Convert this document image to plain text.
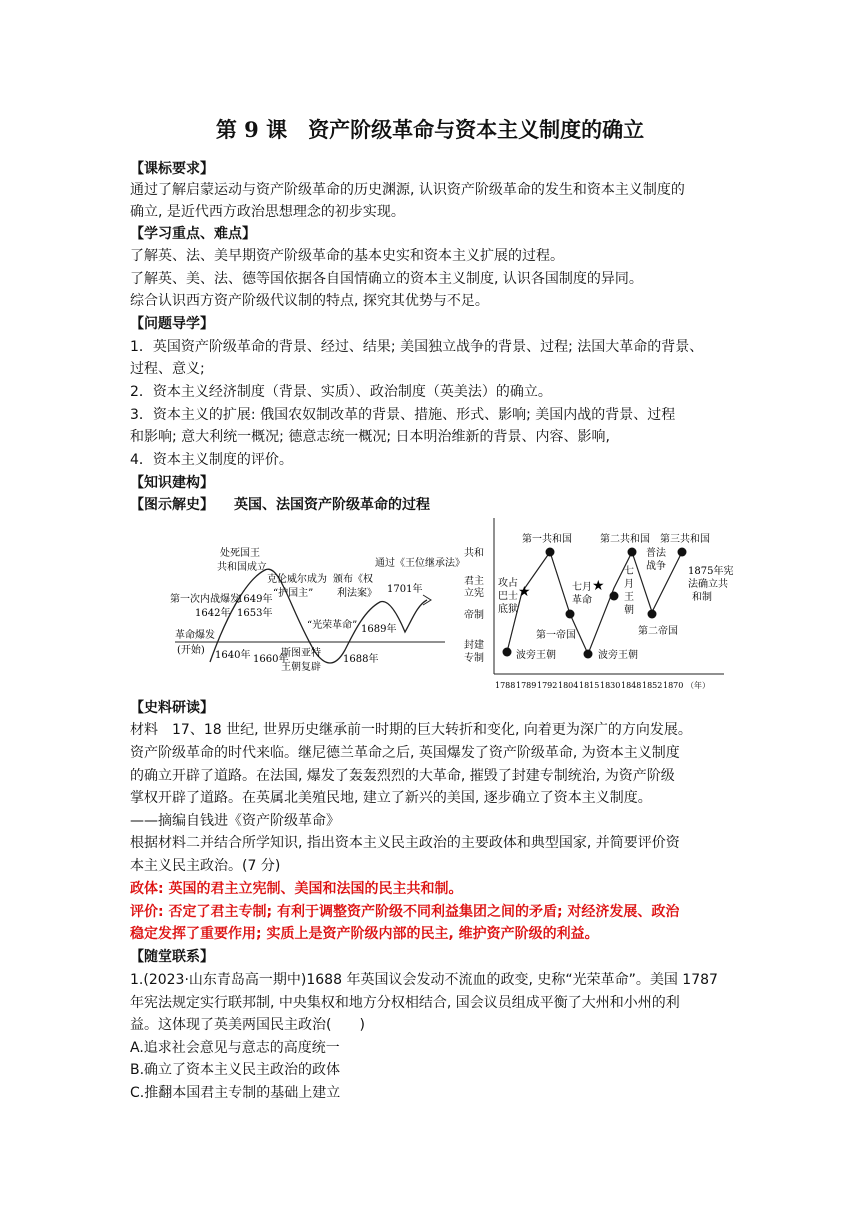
第 9 课　资产阶级革命与资本主义制度的确立
【课标要求】
通过了解启蒙运动与资产阶级革命的历史渊源, 认识资产阶级革命的发生和资本主义制度的
确立, 是近代西方政治思想理念的初步实现。
【学习重点、难点】
了解英、法、美早期资产阶级革命的基本史实和资本主义扩展的过程。
了解英、美、法、德等国依据各自国情确立的资本主义制度, 认识各国制度的异同。
综合认识西方资产阶级代议制的特点, 探究其优势与不足。
【问题导学】
1．英国资产阶级革命的背景、经过、结果; 美国独立战争的背景、过程; 法国大革命的背景、
过程、意义;
2．资本主义经济制度（背景、实质）、政治制度（英美法）的确立。
3．资本主义的扩展: 俄国农奴制改革的背景、措施、形式、影响; 美国内战的背景、过程
和影响; 意大利统一概况; 德意志统一概况; 日本明治维新的背景、内容、影响,
4．资本主义制度的评价。
【知识建构】
【图示解史】 英国、法国资产阶级革命的过程
处死国王
共和国成立
克伦威尔成为
“护国主”
颁布《权
利法案》
通过《王位继承法》
第一次内战爆发
1642年
1649年
1653年
1701年
革命爆发
(开始)
“光荣革命” 1689年
1640年 1660年
斯图亚特
王朝复辟
1688年
共和
君主
立宪
帝制
封建
专制
★	★
第一共和国	第二共和国 第三共和国
攻占
巴士
底狱
七月
革命
七
月
王
朝
普法
战争 1875年宪
法确立共
和制
第一帝国	第二帝国
波旁王朝	波旁王朝
1788 1789 1792 1804 1815 1830 1848 1852 1870 （年）
【史料研读】
材料　17、18 世纪, 世界历史继承前一时期的巨大转折和变化, 向着更为深广的方向发展。
资产阶级革命的时代来临。继尼德兰革命之后, 英国爆发了资产阶级革命, 为资本主义制度
的确立开辟了道路。在法国, 爆发了轰轰烈烈的大革命, 摧毁了封建专制统治, 为资产阶级
掌权开辟了道路。在英属北美殖民地, 建立了新兴的美国, 逐步确立了资本主义制度。
——摘编自钱进《资产阶级革命》
根据材料二并结合所学知识, 指出资本主义民主政治的主要政体和典型国家, 并简要评价资
本主义民主政治。(7 分)
政体: 英国的君主立宪制、美国和法国的民主共和制。
评价: 否定了君主专制; 有利于调整资产阶级不同利益集团之间的矛盾; 对经济发展、政治
稳定发挥了重要作用; 实质上是资产阶级内部的民主, 维护资产阶级的利益。
【随堂联系】
1.(2023·山东青岛高一期中)1688 年英国议会发动不流血的政变, 史称“光荣革命”。美国 1787
年宪法规定实行联邦制, 中央集权和地方分权相结合, 国会议员组成平衡了大州和小州的利
益。这体现了英美两国民主政治(　　)
A.追求社会意见与意志的高度统一
B.确立了资本主义民主政治的政体
C.推翻本国君主专制的基础上建立
